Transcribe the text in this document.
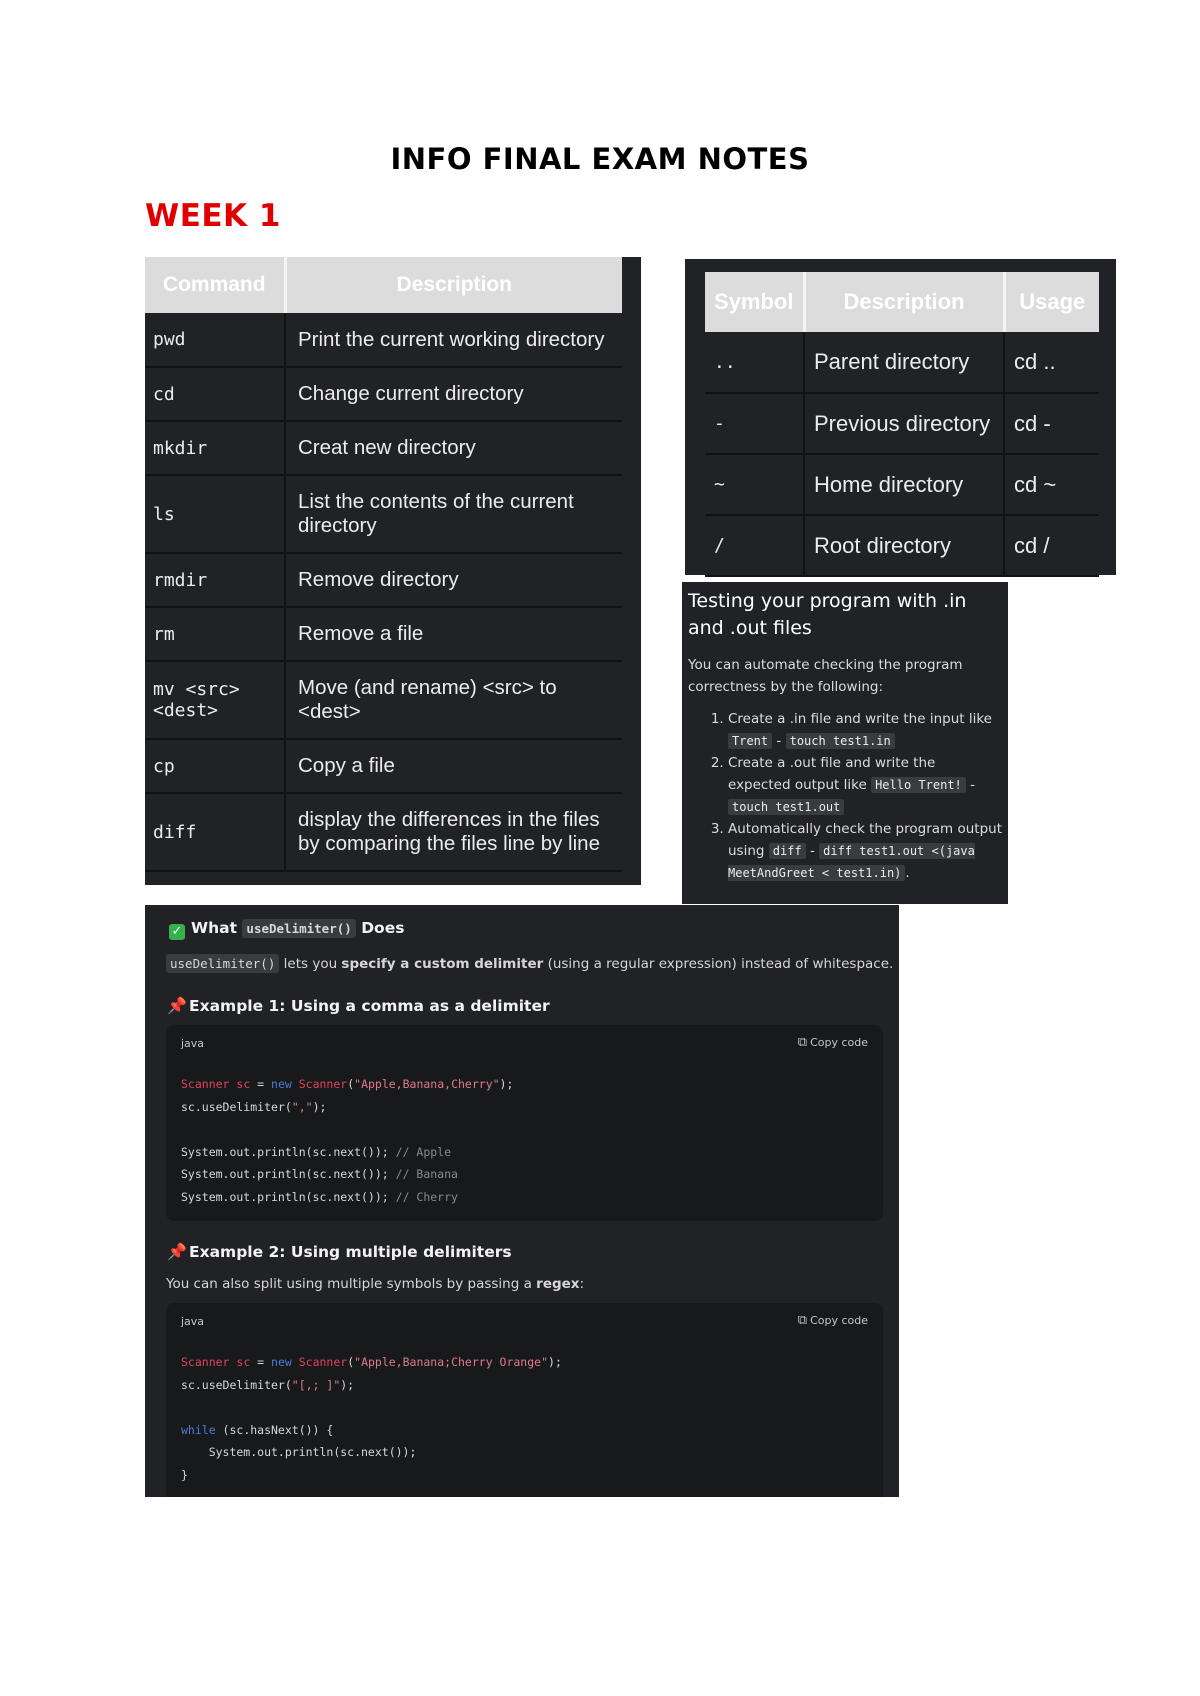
INFO FINAL EXAM NOTES
WEEK 1
Command	Description
pwd	Print the current working directory
cd	Change current directory
mkdir	Creat new directory
ls	List the contents of the current directory
rmdir	Remove directory
rm	Remove a file
mv <src> <dest>	Move (and rename) <src> to <dest>
cp	Copy a file
diff	display the differences in the files by comparing the files line by line
Symbol	Description	Usage
..	Parent directory	cd ..
-	Previous directory	cd -
~	Home directory	cd ~
/	Root directory	cd /
Testing your program with .in and .out files
You can automate checking the program correctness by the following:
1. Create a .in file and write the input like Trent - touch test1.in
2. Create a .out file and write the expected output like Hello Trent! - touch test1.out
3. Automatically check the program output using diff - diff test1.out <(java MeetAndGreet < test1.in) .
✓ What useDelimiter() Does
useDelimiter() lets you specify a custom delimiter (using a regular expression) instead of whitespace.
📌 Example 1: Using a comma as a delimiter
java	⧉ Copy code
Scanner sc = new Scanner("Apple,Banana,Cherry");
sc.useDelimiter(",");

System.out.println(sc.next()); // Apple
System.out.println(sc.next()); // Banana
System.out.println(sc.next()); // Cherry
📌 Example 2: Using multiple delimiters
You can also split using multiple symbols by passing a regex:
java	⧉ Copy code
Scanner sc = new Scanner("Apple,Banana;Cherry Orange");
sc.useDelimiter("[,; ]");

while (sc.hasNext()) {
System.out.println(sc.next());
}
